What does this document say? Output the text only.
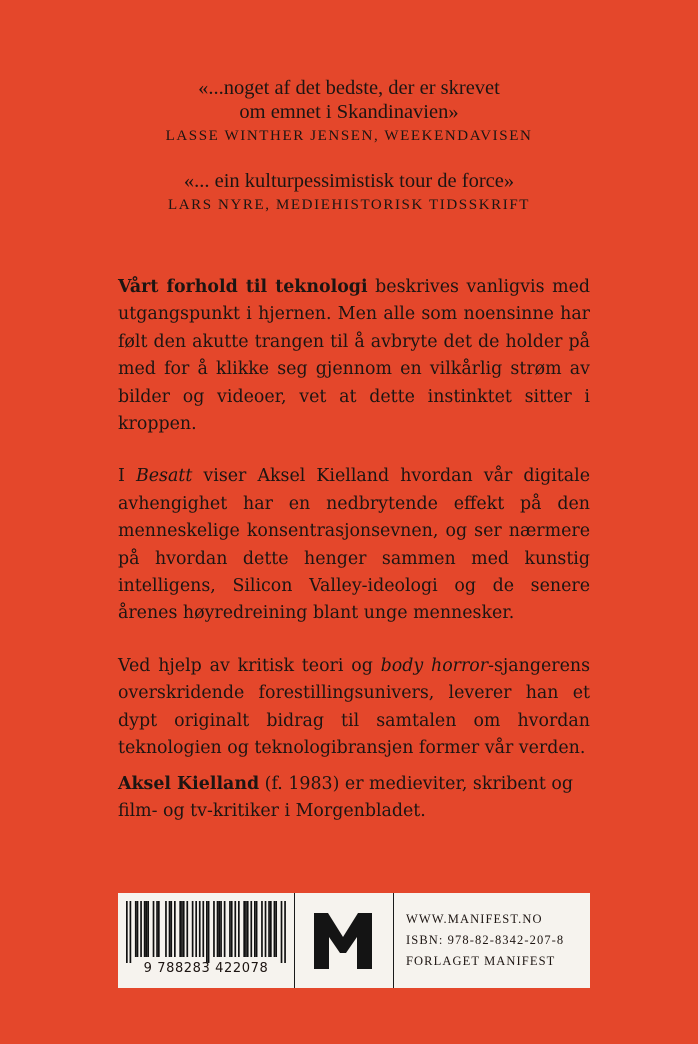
«...noget af det bedste, der er skrevet

om emnet i Skandinavien»

LASSE WINTHER JENSEN, WEEKENDAVISEN

«... ein kulturpessimistisk tour de force»

LARS NYRE, MEDIEHISTORISK TIDSSKRIFT

Vårt forhold til teknologi beskrives vanligvis med utgangspunkt i hjernen. Men alle som noensinne har følt den akutte trangen til å avbryte det de holder på med for å klikke seg gjennom en vilkårlig strøm av bilder og videoer, vet at dette instinktet sitter i kroppen.

I Besatt viser Aksel Kielland hvordan vår digitale avhengighet har en nedbrytende effekt på den menneskelige konsentrasjonsevnen, og ser nærmere på hvordan dette henger sammen med kunstig intelligens, Silicon Valley-ideologi og de senere årenes høyredreining blant unge mennesker.

Ved hjelp av kritisk teori og body horror-sjangerens overskridende forestillingsunivers, leverer han et dypt originalt bidrag til samtalen om hvordan teknologien og teknologibransjen former vår verden.

Aksel Kielland (f. 1983) er medieviter, skribent og film- og tv-kritiker i Morgenbladet.

9 788283 422078
WWW.MANIFEST.NO
ISBN: 978-82-8342-207-8
FORLAGET MANIFEST
